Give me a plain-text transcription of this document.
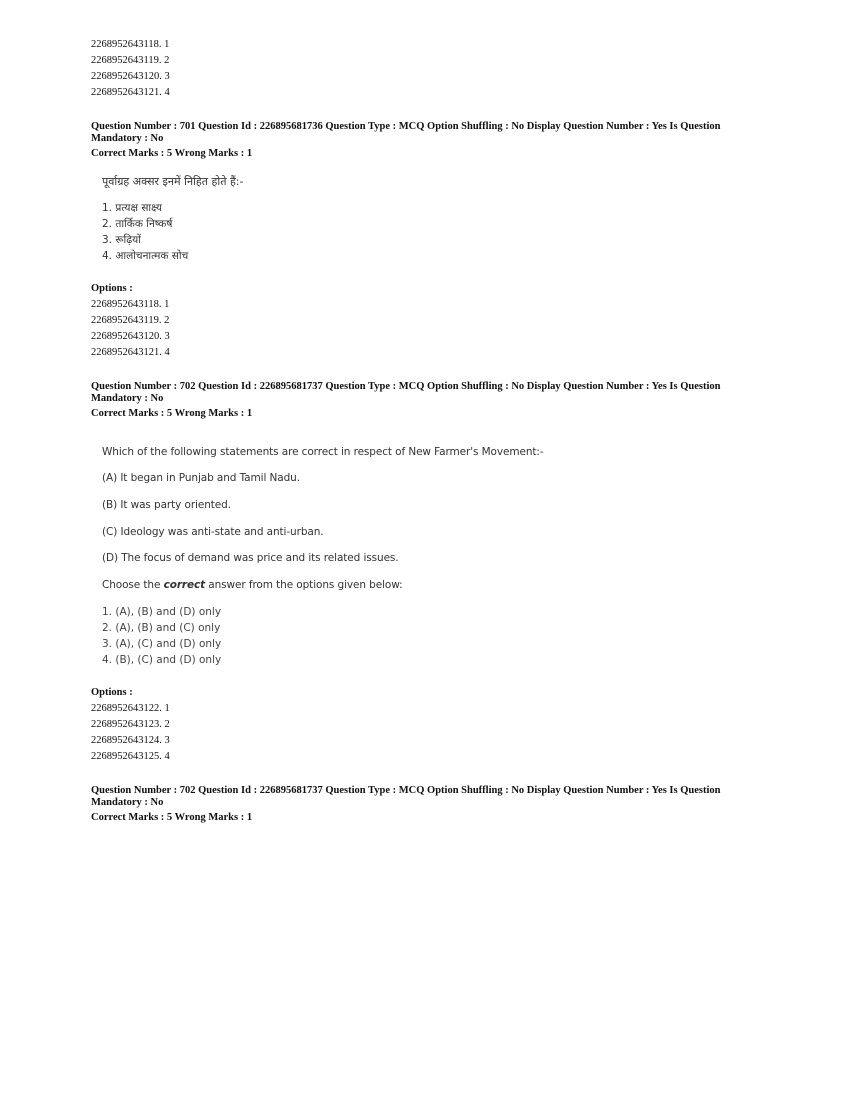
2268952643118. 1
2268952643119. 2
2268952643120. 3
2268952643121. 4
Question Number : 701 Question Id : 226895681736 Question Type : MCQ Option Shuffling : No Display Question Number : Yes Is Question
Mandatory : No
Correct Marks : 5 Wrong Marks : 1
पूर्वाग्रह अक्सर इनमें निहित होते हैं:-
1. प्रत्यक्ष साक्ष्य
2. तार्किक निष्कर्ष
3. रूढ़ियों
4. आलोचनात्मक सोच
Options :
2268952643118. 1
2268952643119. 2
2268952643120. 3
2268952643121. 4
Question Number : 702 Question Id : 226895681737 Question Type : MCQ Option Shuffling : No Display Question Number : Yes Is Question
Mandatory : No
Correct Marks : 5 Wrong Marks : 1
Which of the following statements are correct in respect of New Farmer's Movement:-
(A) It began in Punjab and Tamil Nadu.
(B) It was party oriented.
(C) Ideology was anti-state and anti-urban.
(D) The focus of demand was price and its related issues.
Choose the correct answer from the options given below:
1. (A), (B) and (D) only
2. (A), (B) and (C) only
3. (A), (C) and (D) only
4. (B), (C) and (D) only
Options :
2268952643122. 1
2268952643123. 2
2268952643124. 3
2268952643125. 4
Question Number : 702 Question Id : 226895681737 Question Type : MCQ Option Shuffling : No Display Question Number : Yes Is Question
Mandatory : No
Correct Marks : 5 Wrong Marks : 1
